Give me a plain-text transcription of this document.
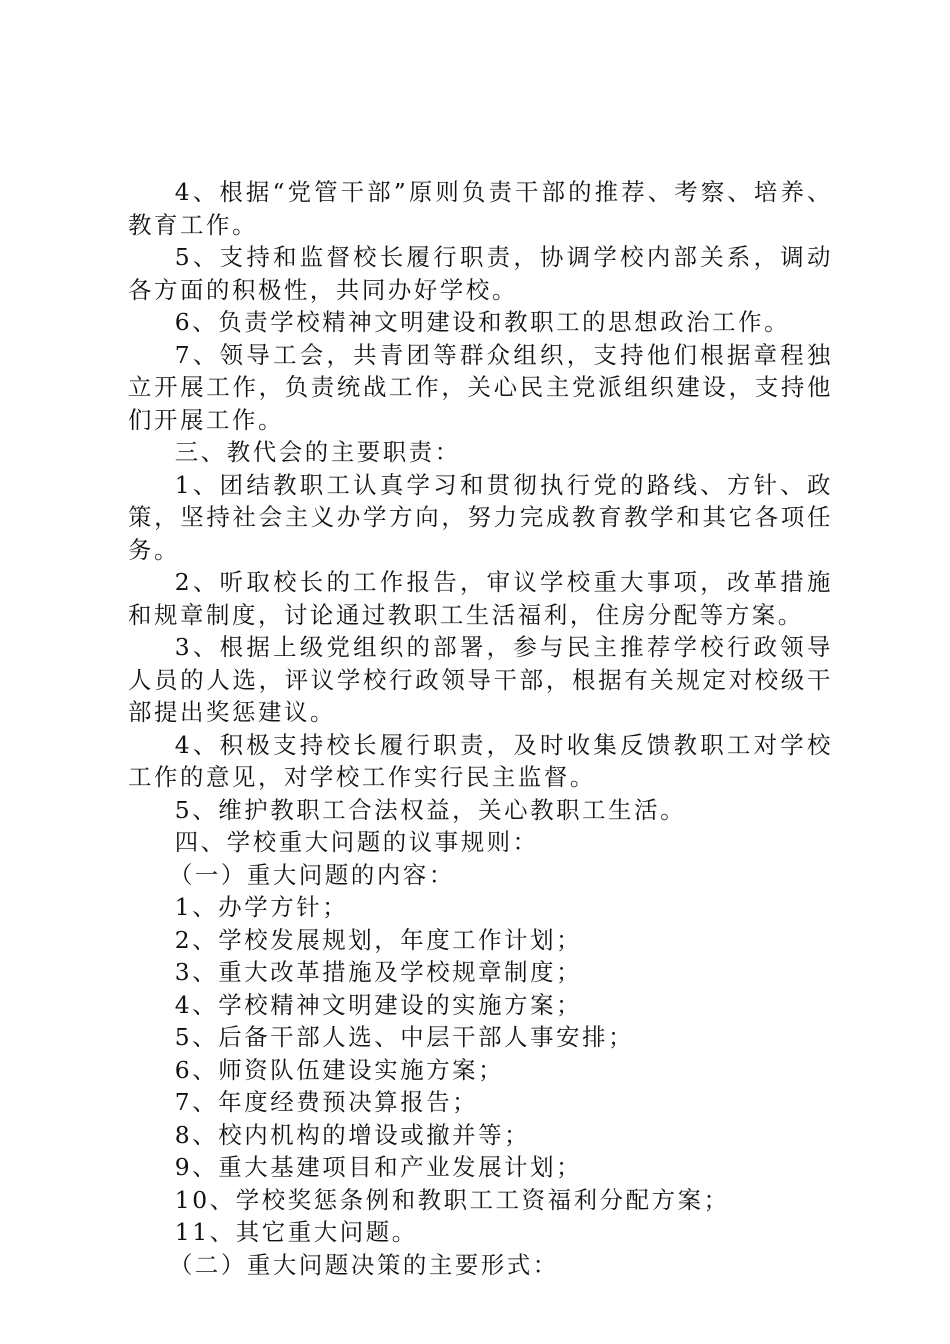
4、根据“党管干部”原则负责干部的推荐、考察、培养、教育工作。

5、支持和监督校长履行职责，协调学校内部关系，调动各方面的积极性，共同办好学校。

6、负责学校精神文明建设和教职工的思想政治工作。

7、领导工会，共青团等群众组织，支持他们根据章程独立开展工作，负责统战工作，关心民主党派组织建设，支持他们开展工作。

三、教代会的主要职责：

1、团结教职工认真学习和贯彻执行党的路线、方针、政策，坚持社会主义办学方向，努力完成教育教学和其它各项任务。

2、听取校长的工作报告，审议学校重大事项，改革措施和规章制度，讨论通过教职工生活福利，住房分配等方案。

3、根据上级党组织的部署，参与民主推荐学校行政领导人员的人选，评议学校行政领导干部，根据有关规定对校级干部提出奖惩建议。

4、积极支持校长履行职责，及时收集反馈教职工对学校工作的意见，对学校工作实行民主监督。

5、维护教职工合法权益，关心教职工生活。

四、学校重大问题的议事规则：

（一）重大问题的内容：

1、办学方针；

2、学校发展规划，年度工作计划；

3、重大改革措施及学校规章制度；

4、学校精神文明建设的实施方案；

5、后备干部人选、中层干部人事安排；

6、师资队伍建设实施方案；

7、年度经费预决算报告；

8、校内机构的增设或撤并等；

9、重大基建项目和产业发展计划；

10、学校奖惩条例和教职工工资福利分配方案；

11、其它重大问题。

（二）重大问题决策的主要形式：
